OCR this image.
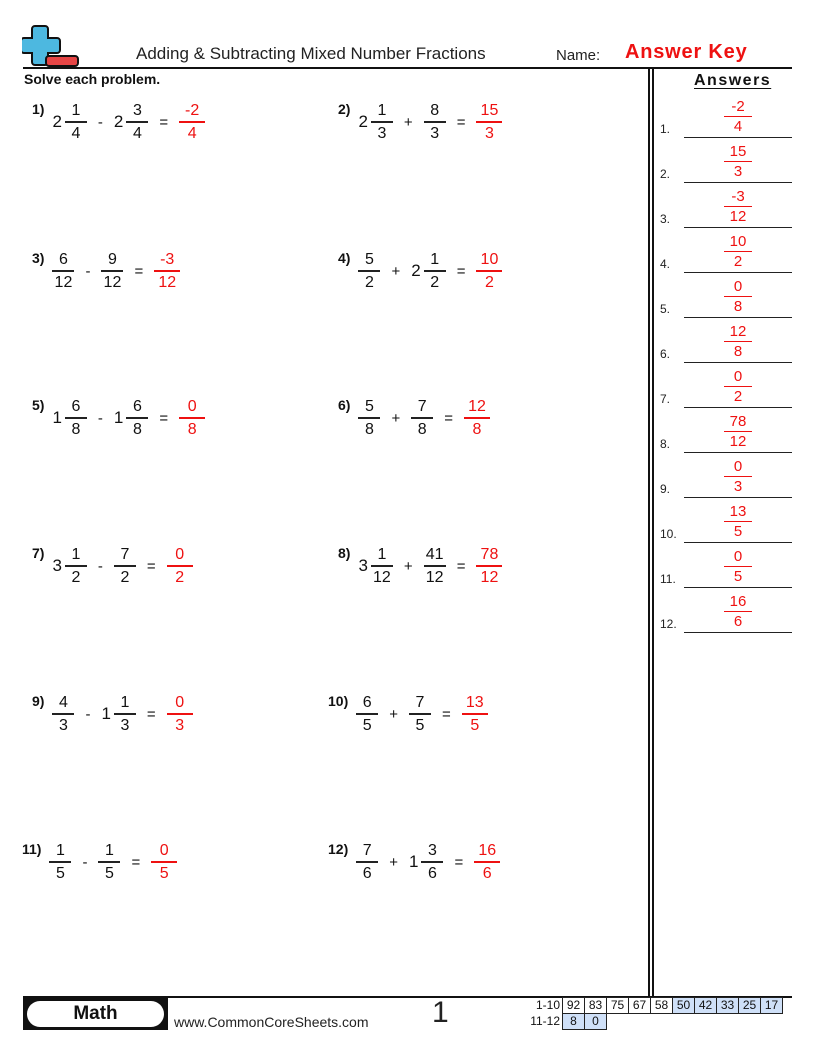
Adding & Subtracting Mixed Number Fractions	Name: Answer Key
Solve each problem.
1)
$2 \frac{1}{4} - 2 \frac{3}{4} = \frac{-2}{4}$	2)
$2 \frac{1}{3} + \frac{8}{3} = \frac{15}{3}$
$3) \frac{6}{12} - \frac{9}{12} = \frac{-3}{12}$	$4) \frac{5}{2} + 2 \frac{1}{2} = \frac{10}{2}$
5)
$1 \frac{6}{8} - 1 \frac{6}{8} = \frac{0}{8}$	$6) \frac{5}{8} + \frac{7}{8} = \frac{12}{8}$
7)
$3 \frac{1}{2} - \frac{7}{2} = \frac{0}{2}$	8)
$3 \frac{1}{12} + \frac{41}{12} = \frac{78}{12}$
$9) \frac{4}{3} - 1 \frac{1}{3} = \frac{0}{3}$	$10) \frac{6}{5} + \frac{7}{5} = \frac{13}{5}$
$11) \frac{1}{5} - \frac{1}{5} = \frac{0}{5}$	$12) \frac{7}{6} + 1 \frac{3}{6} = \frac{16}{6}$
Answers
1.
-2
4
2.
15
3
3.
-3
12
4.
10
2
5.
0
8
6.
12
8
7.
0
2
8.
78
12
9.
0
3
10.
13
5
11.
0
5
12.
16
6
Math	www.CommonCoreSheets.com 1	1-10	92	83	75	67	58	50	42	33	25	17
11-12	8	0								
